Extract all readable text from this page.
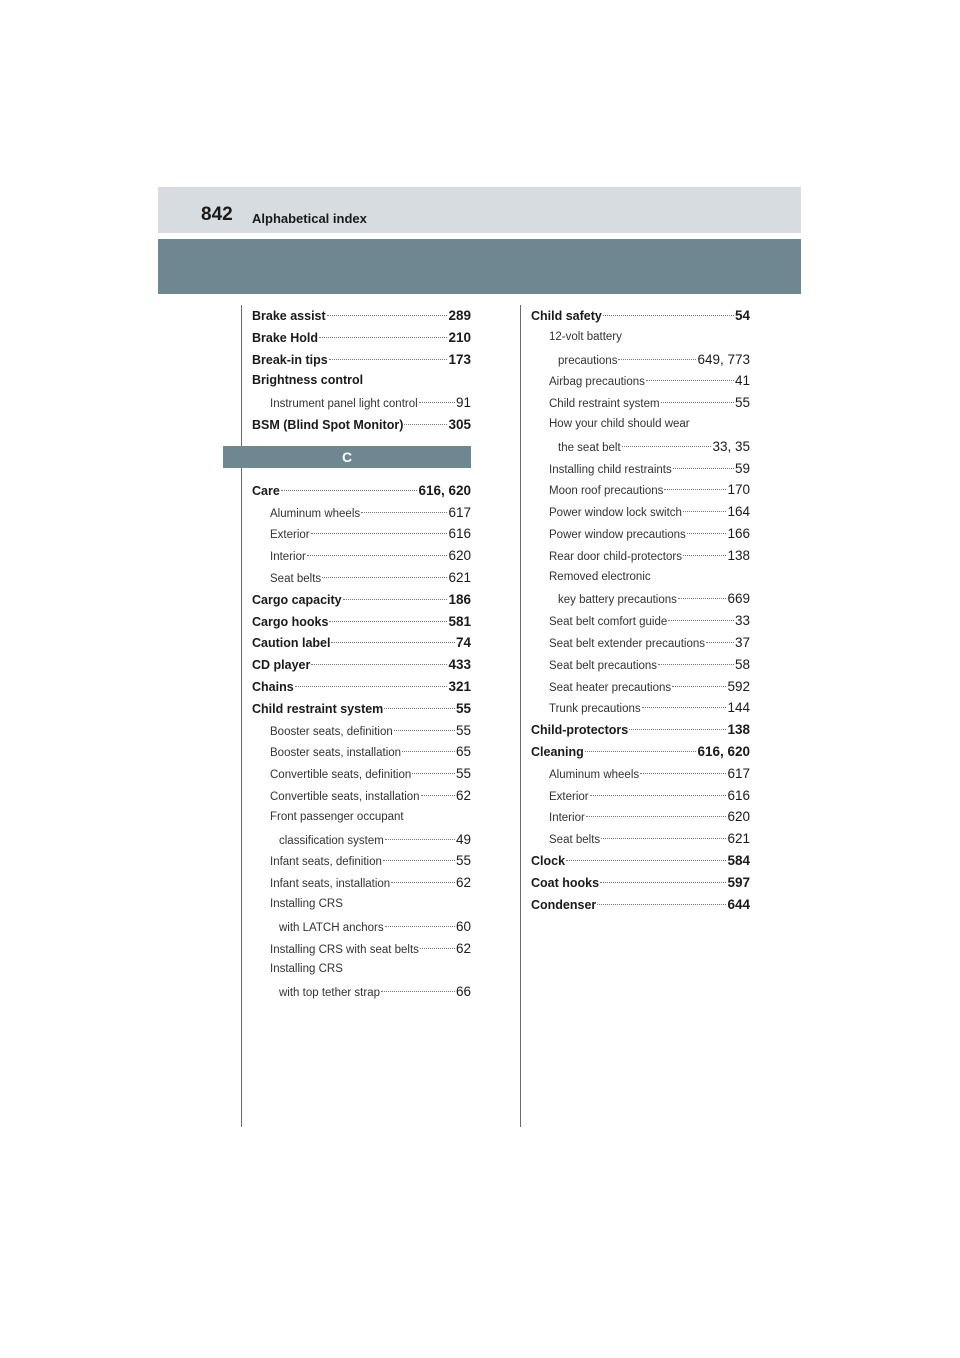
842 Alphabetical index
Brake assist	289
Brake Hold	210
Break-in tips	173
Brightness control
Instrument panel light control	91
BSM (Blind Spot Monitor)	305
C
Care	616, 620
Aluminum wheels	617
Exterior	616
Interior	620
Seat belts	621
Cargo capacity	186
Cargo hooks	581
Caution label	74
CD player	433
Chains	321
Child restraint system	55
Booster seats, definition	55
Booster seats, installation	65
Convertible seats, definition	55
Convertible seats, installation	62
Front passenger occupant
classification system	49
Infant seats, definition	55
Infant seats, installation	62
Installing CRS
with LATCH anchors	60
Installing CRS with seat belts	62
Installing CRS
with top tether strap	66
Child safety	54
12-volt battery
precautions	649, 773
Airbag precautions	41
Child restraint system	55
How your child should wear
the seat belt	33, 35
Installing child restraints	59
Moon roof precautions	170
Power window lock switch	164
Power window precautions	166
Rear door child-protectors	138
Removed electronic
key battery precautions	669
Seat belt comfort guide	33
Seat belt extender precautions 37
Seat belt precautions	58
Seat heater precautions	592
Trunk precautions	144
Child-protectors	138
Cleaning	616, 620
Aluminum wheels	617
Exterior	616
Interior	620
Seat belts	621
Clock	584
Coat hooks	597
Condenser	644
